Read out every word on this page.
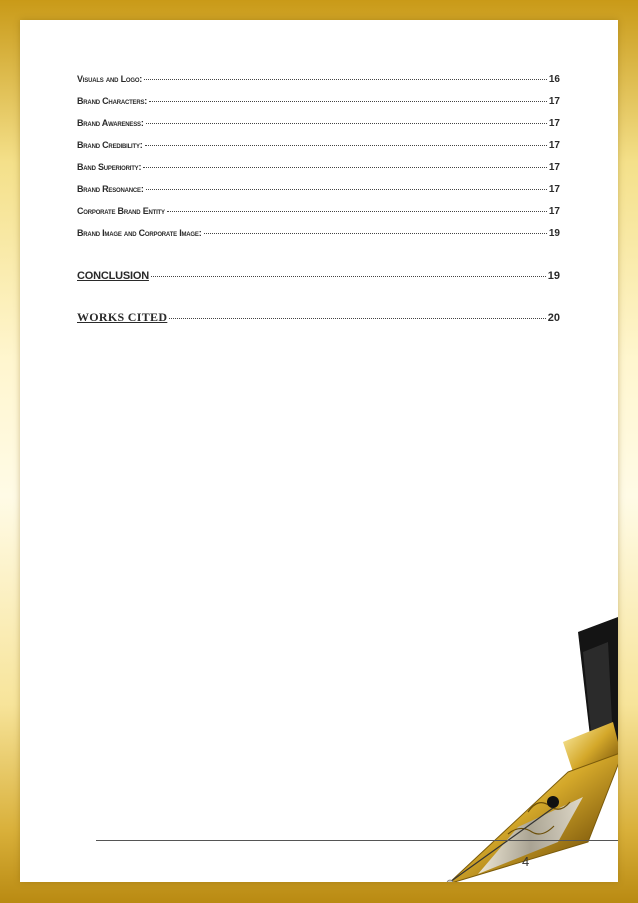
Visuals and Logo:	16
Brand Characters:	17
Brand Awareness:	17
Brand Credibility:	17
Band Superiority:	17
Brand Resonance:	17
Corporate Brand Entity	17
Brand Image and Corporate Image:	19
CONCLUSION	19
WORKS CITED	20
4
